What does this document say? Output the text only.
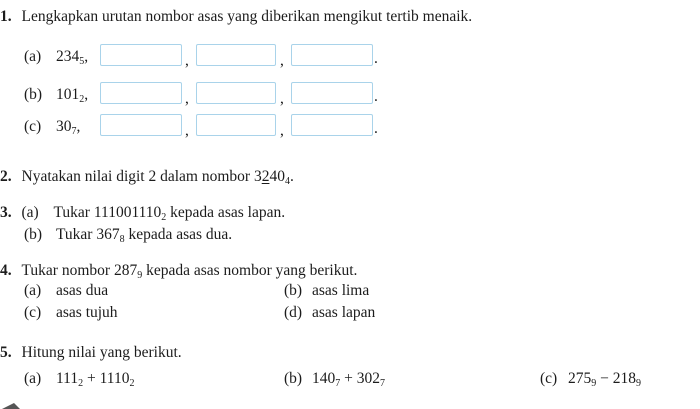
1. Lengkapkan urutan nombor asas yang diberikan mengikut tertib menaik.
(a) $234_5$,	,	,	.
(b) $101_2$,	,	,	.
(c) $30_7$,	,	,	.
2. Nyatakan nilai digit 2 dalam nombor $3240_4$.
3. (a) Tukar $111001110_2$ kepada asas lapan.
(b) Tukar $367_8$ kepada asas dua.
4. Tukar nombor $287_9$ kepada asas nombor yang berikut.
(a) asas dua	(b) asas lima
(c) asas tujuh	(d) asas lapan
5. Hitung nilai yang berikut.
(a) $111_2 + 1110_2$	(b) $140_7 + 302_7$	(c) $275_9 - 218_9$
